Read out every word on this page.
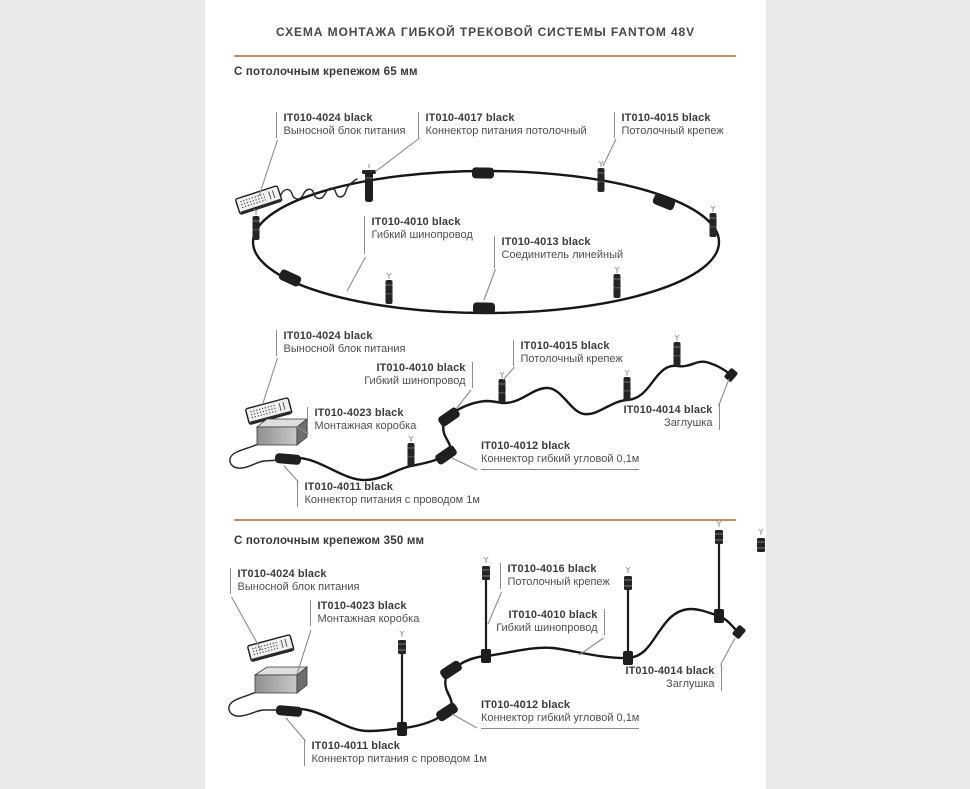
СХЕМА МОНТАЖА ГИБКОЙ ТРЕКОВОЙ СИСТЕМЫ FANTOM 48V
С потолочным крепежом 65 мм
С потолочным крепежом 350 мм
IT010-4024 black
Выносной блок питания
IT010-4017 black
Коннектор питания потолочный
IT010-4015 black
Потолочный крепеж
IT010-4010 black
Гибкий шинопровод
IT010-4013 black
Соединитель линейный
IT010-4024 black
Выносной блок питания
IT010-4010 black
Гибкий шинопровод
IT010-4015 black
Потолочный крепеж
IT010-4023 black
Монтажная коробка
IT010-4014 black
Заглушка
IT010-4012 black
Коннектор гибкий угловой 0,1м
IT010-4011 black
Коннектор питания с проводом 1м
IT010-4024 black
Выносной блок питания
IT010-4023 black
Монтажная коробка
IT010-4016 black
Потолочный крепеж
IT010-4010 black
Гибкий шинопровод
IT010-4014 black
Заглушка
IT010-4012 black
Коннектор гибкий угловой 0,1м
IT010-4011 black
Коннектор питания с проводом 1м
